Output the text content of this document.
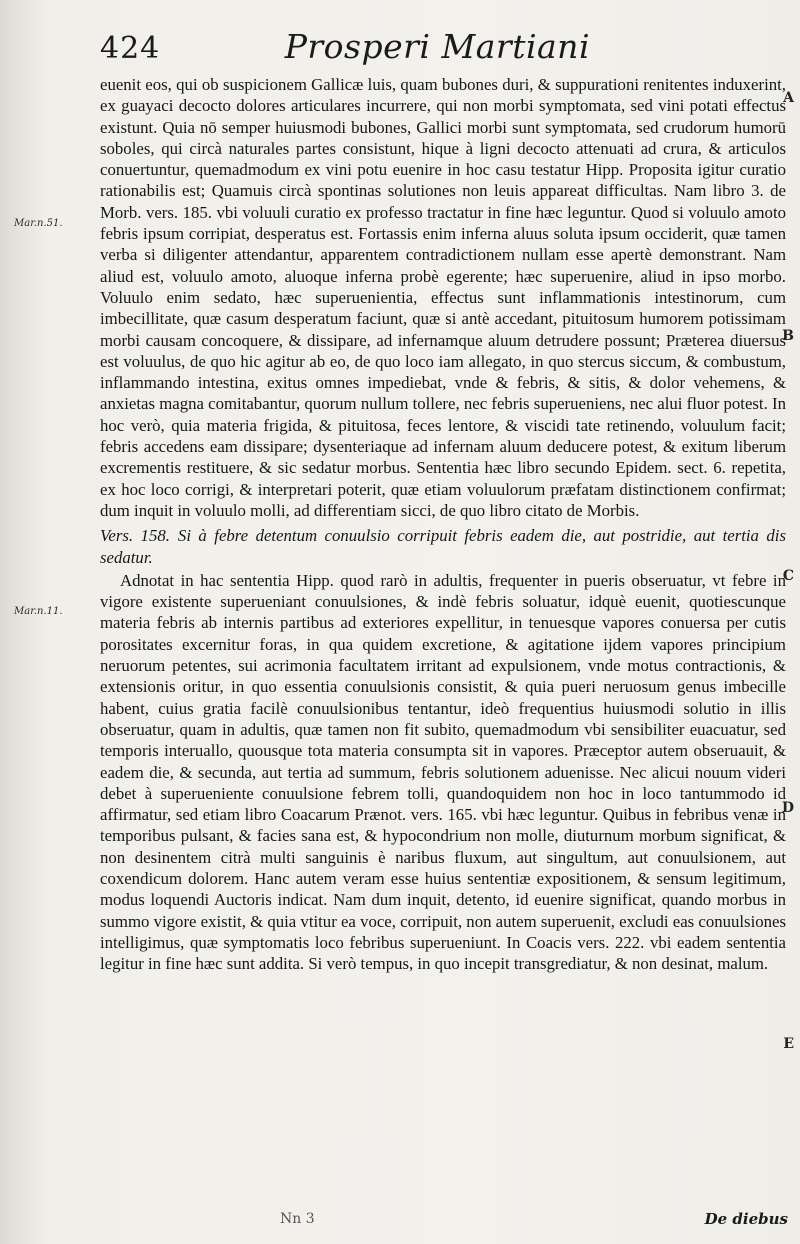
424	Prosperi Martiani
Mar.n.51.
Mar.n.11.
A
B
C
D
E

euenit eos, qui ob suspicionem Gallicæ luis, quam bubones duri, & suppurationi renitentes induxerint, ex guayaci decocto dolores articulares incurrere, qui non morbi symptomata, sed vini potati effectus existunt. Quia nō semper huiusmodi bubones, Gallici morbi sunt symptomata, sed crudorum humorū soboles, qui circà naturales partes consistunt, hique à ligni decocto attenuati ad crura, & articulos conuertuntur, quemadmodum ex vini potu euenire in hoc casu testatur Hipp. Proposita igitur curatio rationabilis est; Quamuis circà spontinas solutiones non leuis appareat difficultas. Nam libro 3. de Morb. vers. 185. vbi voluuli curatio ex professo tractatur in fine hæc leguntur. Quod si voluulo amoto febris ipsum corripiat, desperatus est. Fortassis enim inferna aluus soluta ipsum occiderit, quæ tamen verba si diligenter attendantur, apparentem contradictionem nullam esse apertè demonstrant. Nam aliud est, voluulo amoto, aluoque inferna probè egerente; hæc superuenire, aliud in ipso morbo. Voluulo enim sedato, hæc superuenientia, effectus sunt inflammationis intestinorum, cum imbecillitate, quæ casum desperatum faciunt, quæ si antè accedant, pituitosum humorem potissimam morbi causam concoquere, & dissipare, ad infernamque aluum detrudere possunt; Præterea diuersus est voluulus, de quo hic agitur ab eo, de quo loco iam allegato, in quo stercus siccum, & combustum, inflammando intestina, exitus omnes impediebat, vnde & febris, & sitis, & dolor vehemens, & anxietas magna comitabantur, quorum nullum tollere, nec febris superueniens, nec alui fluor potest. In hoc verò, quia materia frigida, & pituitosa, feces lentore, & viscidi tate retinendo, voluulum facit; febris accedens eam dissipare; dysenteriaque ad infernam aluum deducere potest, & exitum liberum excrementis restituere, & sic sedatur morbus. Sententia hæc libro secundo Epidem. sect. 6. repetita, ex hoc loco corrigi, & interpretari poterit, quæ etiam voluulorum præfatam distinctionem confirmat; dum inquit in voluulo molli, ad differentiam sicci, de quo libro citato de Morbis.

Vers. 158. Si à febre detentum conuulsio corripuit febris eadem die, aut postridie, aut tertia dis sedatur.

Adnotat in hac sententia Hipp. quod rarò in adultis, frequenter in pueris obseruatur, vt febre in vigore existente superueniant conuulsiones, & indè febris soluatur, idquè euenit, quotiescunque materia febris ab internis partibus ad exteriores expellitur, in tenuesque vapores conuersa per cutis porositates excernitur foras, in qua quidem excretione, & agitatione ijdem vapores principium neruorum petentes, sui acrimonia facultatem irritant ad expulsionem, vnde motus contractionis, & extensionis oritur, in quo essentia conuulsionis consistit, & quia pueri neruosum genus imbecille habent, cuius gratia facilè conuulsionibus tentantur, ideò frequentius huiusmodi solutio in illis obseruatur, quam in adultis, quæ tamen non fit subito, quemadmodum vbi sensibiliter euacuatur, sed temporis interuallo, quousque tota materia consumpta sit in vapores. Præceptor autem obseruauit, & eadem die, & secunda, aut tertia ad summum, febris solutionem aduenisse. Nec alicui nouum videri debet à superueniente conuulsione febrem tolli, quandoquidem non hoc in loco tantummodo id affirmatur, sed etiam libro Coacarum Prænot. vers. 165. vbi hæc leguntur. Quibus in febribus venæ in temporibus pulsant, & facies sana est, & hypocondrium non molle, diuturnum morbum significat, & non desinentem citrà multi sanguinis è naribus fluxum, aut singultum, aut conuulsionem, aut coxendicum dolorem. Hanc autem veram esse huius sententiæ expositionem, & sensum legitimum, modus loquendi Auctoris indicat. Nam dum inquit, detento, id euenire significat, quando morbus in summo vigore existit, & quia vtitur ea voce, corripuit, non autem superuenit, excludi eas conuulsiones intelligimus, quæ symptomatis loco febribus superueniunt. In Coacis vers. 222. vbi eadem sententia legitur in fine hæc sunt addita. Si verò tempus, in quo incepit transgrediatur, & non desinat, malum.

Nn 3	De diebus
